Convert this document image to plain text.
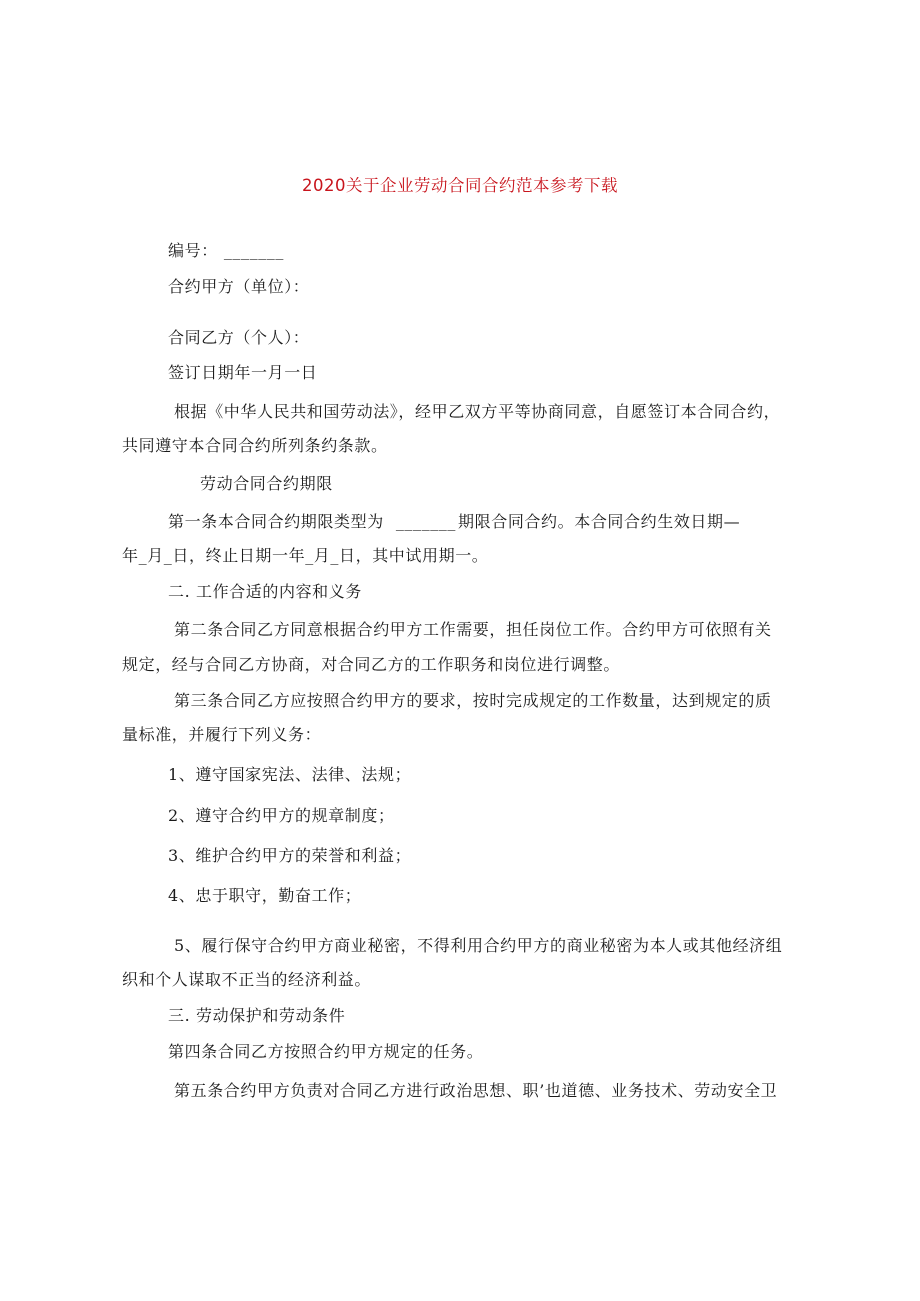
2020关于企业劳动合同合约范本参考下载
编号： _______
合约甲方（单位）：
合同乙方（个人）：
签订日期年一月一日
根据《中华人民共和国劳动法》，经甲乙双方平等协商同意，自愿签订本合同合约，
共同遵守本合同合约所列条约条款。
劳动合同合约期限
第一条本合同合约期限类型为 _______ 期限合同合约。本合同合约生效日期—
年_月_日，终止日期一年_月_日，其中试用期一。
二. 工作合适的内容和义务
第二条合同乙方同意根据合约甲方工作需要，担任岗位工作。合约甲方可依照有关
规定，经与合同乙方协商，对合同乙方的工作职务和岗位进行调整。
第三条合同乙方应按照合约甲方的要求，按时完成规定的工作数量，达到规定的质
量标准，并履行下列义务：
1、遵守国家宪法、法律、法规；
2、遵守合约甲方的规章制度；
3、维护合约甲方的荣誉和利益；
4、忠于职守，勤奋工作；
5、履行保守合约甲方商业秘密，不得利用合约甲方的商业秘密为本人或其他经济组
织和个人谋取不正当的经济利益。
三. 劳动保护和劳动条件
第四条合同乙方按照合约甲方规定的任务。
第五条合约甲方负责对合同乙方进行政治思想、职’也道德、业务技术、劳动安全卫
